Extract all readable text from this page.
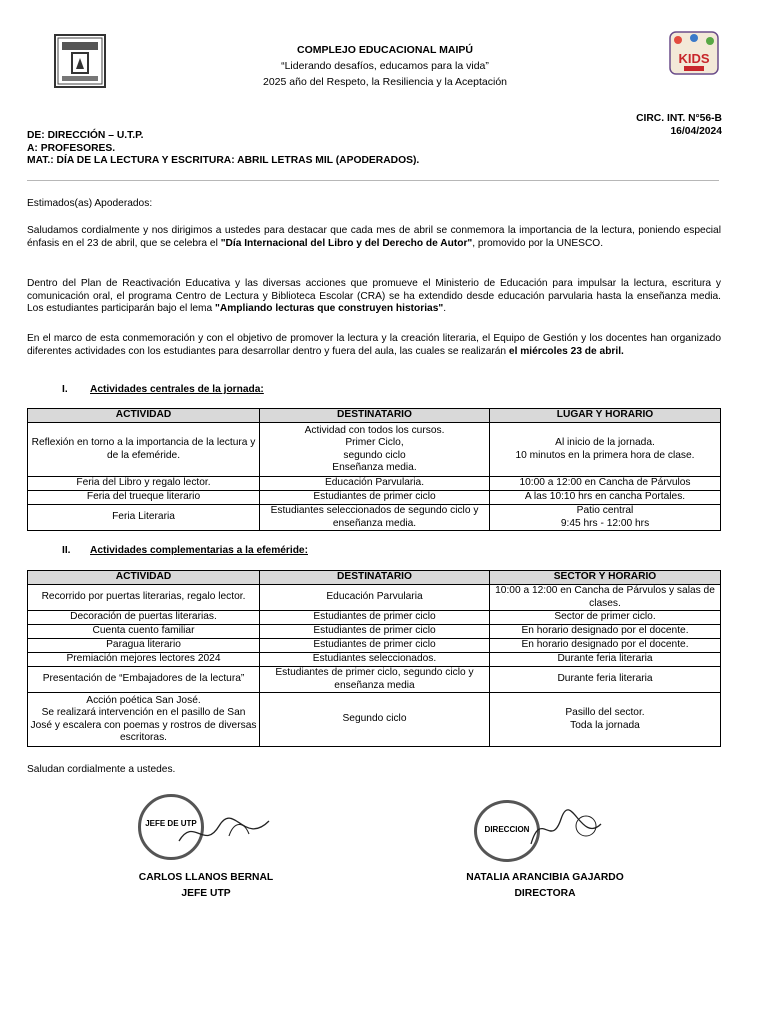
KIDS
COMPLEJO EDUCACIONAL MAIPÚ
“Liderando desafíos, educamos para la vida”
2025 año del Respeto, la Resiliencia y la Aceptación
CIRC. INT. N°56-B
16/04/2024
DE: DIRECCIÓN – U.T.P.
A: PROFESORES.
MAT.: DÍA DE LA LECTURA Y ESCRITURA: ABRIL LETRAS MIL (APODERADOS).
Estimados(as) Apoderados:
Saludamos cordialmente y nos dirigimos a ustedes para destacar que cada mes de abril se conmemora la importancia de la lectura, poniendo especial énfasis en el 23 de abril, que se celebra el "Día Internacional del Libro y del Derecho de Autor", promovido por la UNESCO.
Dentro del Plan de Reactivación Educativa y las diversas acciones que promueve el Ministerio de Educación para impulsar la lectura, escritura y comunicación oral, el programa Centro de Lectura y Biblioteca Escolar (CRA) se ha extendido desde educación parvularia hasta la enseñanza media. Los estudiantes participarán bajo el lema "Ampliando lecturas que construyen historias".
En el marco de esta conmemoración y con el objetivo de promover la lectura y la creación literaria, el Equipo de Gestión y los docentes han organizado diferentes actividades con los estudiantes para desarrollar dentro y fuera del aula, las cuales se realizarán el miércoles 23 de abril.
I. Actividades centrales de la jornada:
ACTIVIDAD	DESTINATARIO	LUGAR Y HORARIO
Reflexión en torno a la importancia de la lectura y de la efeméride.	Actividad con todos los cursos.
Primer Ciclo,
segundo ciclo
Enseñanza media.	Al inicio de la jornada.
10 minutos en la primera hora de clase.
Feria del Libro y regalo lector.	Educación Parvularia.	10:00 a 12:00 en Cancha de Párvulos
Feria del trueque literario	Estudiantes de primer ciclo	A las 10:10 hrs en cancha Portales.
Feria Literaria	Estudiantes seleccionados de segundo ciclo y enseñanza media.	Patio central
9:45 hrs - 12:00 hrs
II. Actividades complementarias a la efeméride:
ACTIVIDAD	DESTINATARIO	SECTOR Y HORARIO
Recorrido por puertas literarias, regalo lector.	Educación Parvularia	10:00 a 12:00 en Cancha de Párvulos y salas de clases.
Decoración de puertas literarias.	Estudiantes de primer ciclo	Sector de primer ciclo.
Cuenta cuento familiar	Estudiantes de primer ciclo	En horario designado por el docente.
Paragua literario	Estudiantes de primer ciclo	En horario designado por el docente.
Premiación mejores lectores 2024	Estudiantes seleccionados.	Durante feria literaria
Presentación de “Embajadores de la lectura”	Estudiantes de primer ciclo, segundo ciclo y enseñanza media	Durante feria literaria
Acción poética San José.
Se realizará intervención en el pasillo de San José y escalera con poemas y rostros de diversas escritoras.	Segundo ciclo	Pasillo del sector.
Toda la jornada
Saludan cordialmente a ustedes.
JEFE DE UTP
DIRECCION
CARLOS LLANOS BERNAL
JEFE UTP
NATALIA ARANCIBIA GAJARDO
DIRECTORA
